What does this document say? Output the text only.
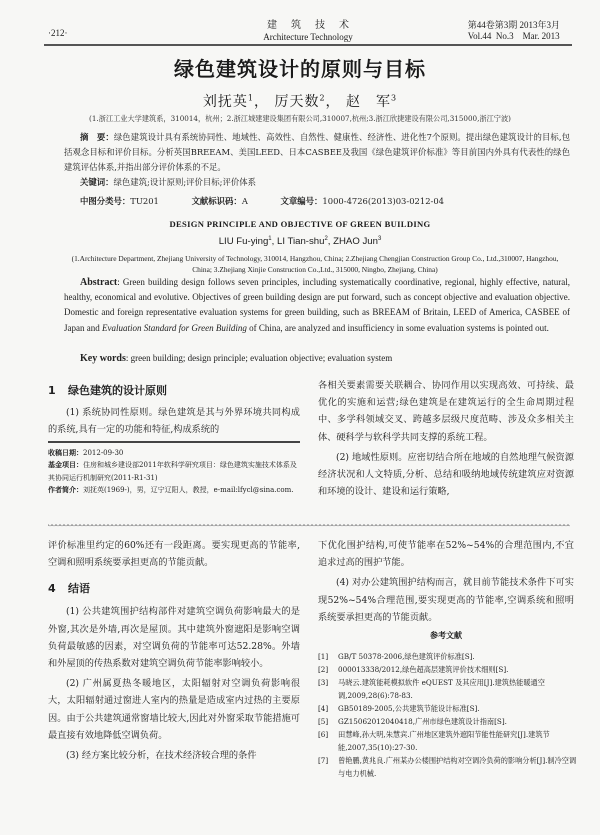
·212·
建筑技术
Architecture Technology
第44卷第3期 2013年3月
Vol.44  No.3    Mar. 2013
绿色建筑设计的原则与目标
刘抚英$^1$， 厉天数$^2$， 赵　军$^3$
(1.浙江工业大学建筑系，310014，杭州；2.浙江城建建设集团有限公司,310007,杭州;3.浙江欣捷建设有限公司,315000,浙江宁波)
摘　要：绿色建筑设计具有系统协同性、地域性、高效性、自然性、健康性、经济性、进化性7个原则。提出绿色建筑设计的目标,包括观念目标和评价目标。分析英国BREEAM、美国LEED、日本CASBEE及我国《绿色建筑评价标准》等目前国内外具有代表性的绿色建筑评估体系,并指出部分评价体系的不足。
关键词：绿色建筑;设计原则;评价目标;评价体系
中图分类号：TU201	文献标识码：A	文章编号：1000-4726(2013)03-0212-04
DESIGN PRINCIPLE AND OBJECTIVE OF GREEN BUILDING
LIU Fu-ying$^1$, LI Tian-shu$^2$, ZHAO Jun$^3$
(1.Architecture Department, Zhejiang University of Technology, 310014, Hangzhou, China; 2.Zhejiang Chengjian Construction Group Co., Ltd.,310007, Hangzhou, China; 3.Zhejiang Xinjie Construction Co.,Ltd., 315000, Ningbo, Zhejiang, China)
Abstract: Green building design follows seven principles, including systematically coordinative, regional, highly effective, natural, healthy, economical and evolutive. Objectives of green building design are put forward, such as concept objective and evaluation objective. Domestic and foreign representative evaluation systems for green building, such as BREEAM of Britain, LEED of America, CASBEE of Japan and Evaluation Standard for Green Building of China, are analyzed and insufficiency in some evaluation systems is pointed out.
Key words: green building; design principle; evaluation objective; evaluation system
1 绿色建筑的设计原则

(1) 系统协同性原则。绿色建筑是其与外界环境共同构成的系统,具有一定的功能和特征,构成系统的

各相关要素需要关联耦合、协同作用以实现高效、可持续、最优化的实施和运营;绿色建筑是在建筑运行的全生命周期过程中、多学科领域交叉、跨越多层级尺度范畴、涉及众多相关主体、硬科学与软科学共同支撑的系统工程。

(2) 地域性原则。应密切结合所在地域的自然地理气候资源经济状况和人文特质,分析、总结和吸纳地域传统建筑应对资源和环境的设计、建设和运行策略,

收稿日期：2012-09-30
基金项目：住房和城乡建设部2011年软科学研究项目：绿色建筑实施技术体系及其协同运行机制研究(2011-R1-31)
作者简介：刘抚英(1969-)，男，辽宁辽阳人，教授，e-mail:lfycl@sina.com.

评价标准里约定的60%还有一段距离。要实现更高的节能率,空调和照明系统要承担更高的节能贡献。

4 结语

(1) 公共建筑围护结构部件对建筑空调负荷影响最大的是外窗,其次是外墙,再次是屋顶。其中建筑外窗遮阳是影响空调负荷最敏感的因素，对空调负荷的节能率可达52.28%。外墙和外屋顶的传热系数对建筑空调负荷节能率影响较小。

(2) 广州属夏热冬暖地区，太阳辐射对空调负荷影响很大，太阳辐射通过窗进人室内的热量是造成室内过热的主要原因。由于公共建筑通常窗墙比较大,因此对外窗采取节能措施可最直接有效地降低空调负荷。

(3) 经方案比较分析，在技术经济较合理的条件

下优化围护结构,可使节能率在52%~54%的合理范围内,不宜追求过高的围护节能。

(4) 对办公建筑围护结构而言，就目前节能技术条件下可实现52%~54%合理范围,要实现更高的节能率,空调系统和照明系统要承担更高的节能贡献。

参考文献
[1]	GB/T 50378-2006,绿色建筑评价标准[S].
[2]	000013338/2012,绿色超高层建筑评价技术细则[S].
[3]	马晓云.建筑能耗模拟软件 eQUEST 及其应用[J].建筑热能暖通空调,2009,28(6):78-83.
[4]	GB50189-2005,公共建筑节能设计标准[S].
[5]	GZ15062012040418,广州市绿色建筑设计指南[S].
[6]	田慧峰,孙大明,朱慧宾.广州地区建筑外遮阳节能性能研究[J].建筑节能,2007,35(10):27-30.
[7]	曾艳鹏,黄兆良.广州某办公楼围护结构对空调冷负荷的影响分析[J].制冷空调与电力机械.
